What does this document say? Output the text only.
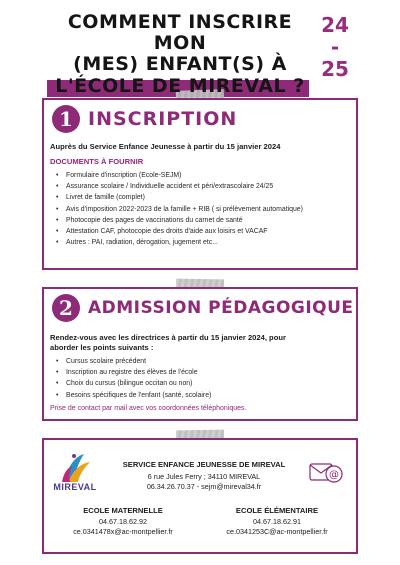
COMMENT INSCRIRE MON
(MES) ENFANT(S) À
L'ÉCOLE DE MIREVAL ?
24
-
25
1 INSCRIPTION
Auprès du Service Enfance Jeunesse à partir du 15 janvier 2024
DOCUMENTS À FOURNIR
• Formulaire d'inscription (Ecole-SEJM)
• Assurance scolaire / Individuelle accident et péri/extrascolaire 24/25
• Livret de famille (complet)
• Avis d'imposition 2022-2023 de la famille + RIB ( si prélèvement automatique)
• Photocopie des pages de vaccinations du carnet de santé
• Attestation CAF, photocopie des droits d'aide aux loisirs et VACAF
• Autres : PAI, radiation, dérogation, jugement etc...
2 ADMISSION PÉDAGOGIQUE
Rendez-vous avec les directrices à partir du 15 janvier 2024, pour
aborder les points suivants :
• Cursus scolaire précédent
• Inscription au registre des élèves de l'école
• Choix du cursus (bilingue occitan ou non)
• Besoins spécifiques de l'enfant (santé, scolaire)
Prise de contact par mail avec vos coordonnées téléphoniques.
MIREVAL
SERVICE ENFANCE JEUNESSE DE MIREVAL
6 rue Jules Ferry ; 34110 MIREVAL
06.34.26.70.37 - sejm@mireval34.fr
@
ECOLE MATERNELLE
04.67.18.62.92
ce.0341478x@ac-montpellier.fr
ECOLE ÉLÉMENTAIRE
04.67.18.62.91
ce.0341253C@ac-montpellier.fr
